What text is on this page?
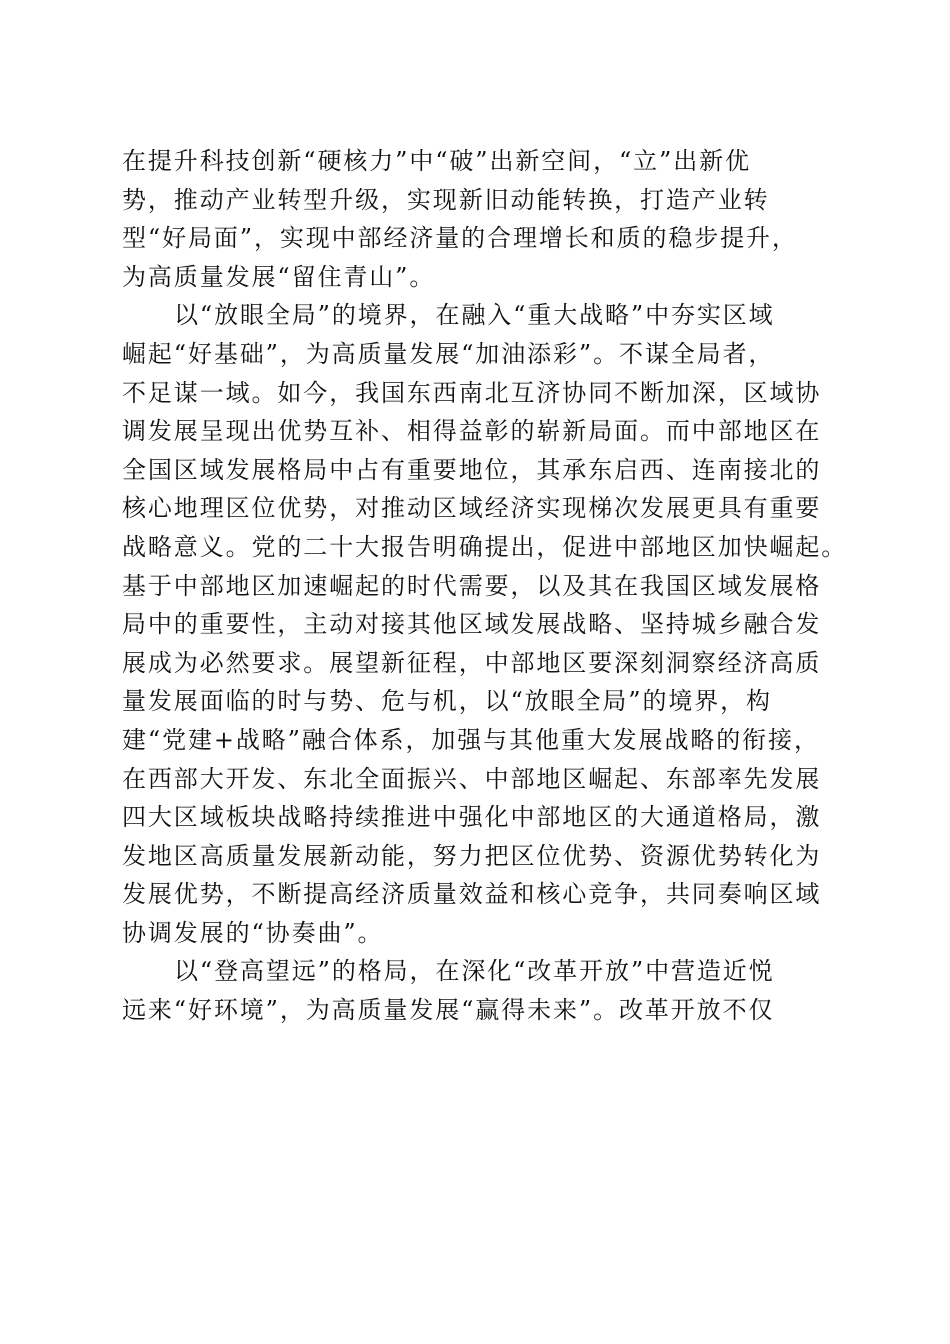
在提升科技创新“硬核力”中“破”出新空间，“立”出新优
势，推动产业转型升级，实现新旧动能转换，打造产业转
型“好局面”，实现中部经济量的合理增长和质的稳步提升，
为高质量发展“留住青山”。
以“放眼全局”的境界，在融入“重大战略”中夯实区域
崛起“好基础”，为高质量发展“加油添彩”。不谋全局者，
不足谋一域。如今，我国东西南北互济协同不断加深，区域协
调发展呈现出优势互补、相得益彰的崭新局面。而中部地区在
全国区域发展格局中占有重要地位，其承东启西、连南接北的
核心地理区位优势，对推动区域经济实现梯次发展更具有重要
战略意义。党的二十大报告明确提出，促进中部地区加快崛起。
基于中部地区加速崛起的时代需要，以及其在我国区域发展格
局中的重要性，主动对接其他区域发展战略、坚持城乡融合发
展成为必然要求。展望新征程，中部地区要深刻洞察经济高质
量发展面临的时与势、危与机，以“放眼全局”的境界，构
建“党建+战略”融合体系，加强与其他重大发展战略的衔接，
在西部大开发、东北全面振兴、中部地区崛起、东部率先发展
四大区域板块战略持续推进中强化中部地区的大通道格局，激
发地区高质量发展新动能，努力把区位优势、资源优势转化为
发展优势，不断提高经济质量效益和核心竞争，共同奏响区域
协调发展的“协奏曲”。
以“登高望远”的格局，在深化“改革开放”中营造近悦
远来“好环境”，为高质量发展“赢得未来”。改革开放不仅
